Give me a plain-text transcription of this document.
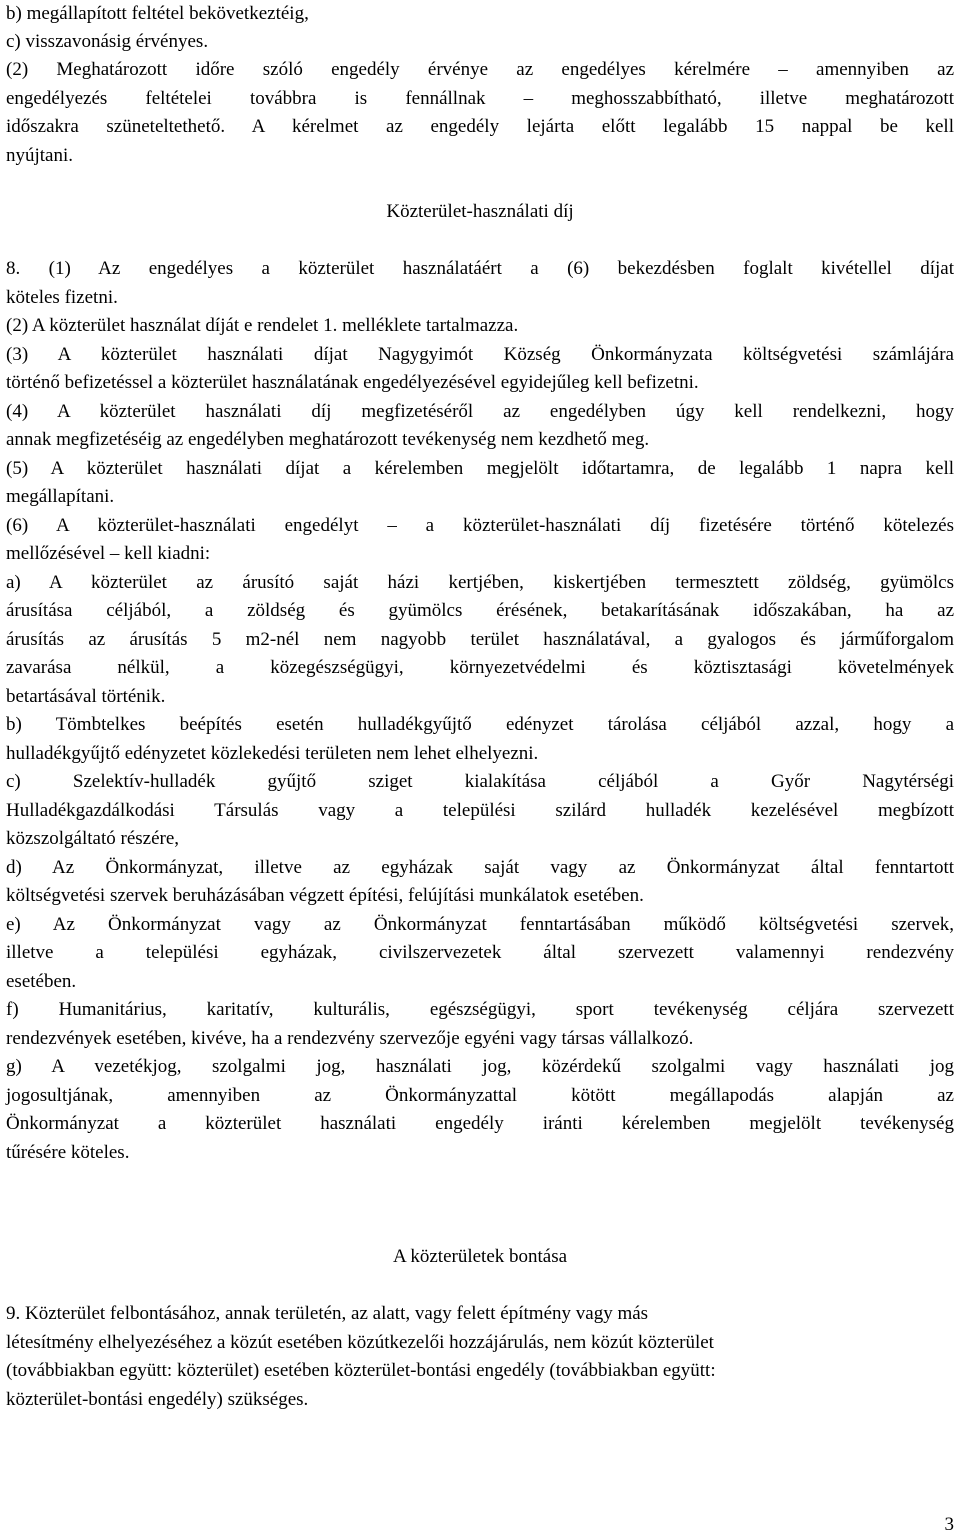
b) megállapított feltétel bekövetkeztéig,
c) visszavonásig érvényes.
(2) Meghatározott időre szóló engedély érvénye az engedélyes kérelmére – amennyiben az
engedélyezés feltételei továbbra is fennállnak – meghosszabbítható, illetve meghatározott
időszakra szüneteltethető. A kérelmet az engedély lejárta előtt legalább 15 nappal be kell
nyújtani.
Közterület-használati díj
8. (1) Az engedélyes a közterület használatáért a (6) bekezdésben foglalt kivétellel díjat
köteles fizetni.
(2) A közterület használat díját e rendelet 1. melléklete tartalmazza.
(3) A közterület használati díjat Nagygyimót Község Önkormányzata költségvetési számlájára
történő befizetéssel a közterület használatának engedélyezésével egyidejűleg kell befizetni.
(4) A közterület használati díj megfizetéséről az engedélyben úgy kell rendelkezni, hogy
annak megfizetéséig az engedélyben meghatározott tevékenység nem kezdhető meg.
(5) A közterület használati díjat a kérelemben megjelölt időtartamra, de legalább 1 napra kell
megállapítani.
(6) A közterület-használati engedélyt – a közterület-használati díj fizetésére történő kötelezés
mellőzésével – kell kiadni:
a) A közterület az árusító saját házi kertjében, kiskertjében termesztett zöldség, gyümölcs
árusítása céljából, a zöldség és gyümölcs érésének, betakarításának időszakában, ha az
árusítás az árusítás 5 m2-nél nem nagyobb terület használatával, a gyalogos és járműforgalom
zavarása nélkül, a közegészségügyi, környezetvédelmi és köztisztasági követelmények
betartásával történik.
b) Tömbtelkes beépítés esetén hulladékgyűjtő edényzet tárolása céljából azzal, hogy a
hulladékgyűjtő edényzetet közlekedési területen nem lehet elhelyezni.
c) Szelektív-hulladék gyűjtő sziget kialakítása céljából a Győr Nagytérségi
Hulladékgazdálkodási Társulás vagy a települési szilárd hulladék kezelésével megbízott
közszolgáltató részére,
d) Az Önkormányzat, illetve az egyházak saját vagy az Önkormányzat által fenntartott
költségvetési szervek beruházásában végzett építési, felújítási munkálatok esetében.
e) Az Önkormányzat vagy az Önkormányzat fenntartásában működő költségvetési szervek,
illetve a települési egyházak, civilszervezetek által szervezett valamennyi rendezvény
esetében.
f) Humanitárius, karitatív, kulturális, egészségügyi, sport tevékenység céljára szervezett
rendezvények esetében, kivéve, ha a rendezvény szervezője egyéni vagy társas vállalkozó.
g) A vezetékjog, szolgalmi jog, használati jog, közérdekű szolgalmi vagy használati jog
jogosultjának, amennyiben az Önkormányzattal kötött megállapodás alapján az
Önkormányzat a közterület használati engedély iránti kérelemben megjelölt tevékenység
tűrésére köteles.
A közterületek bontása
9. Közterület felbontásához, annak területén, az alatt, vagy felett építmény vagy más
létesítmény elhelyezéséhez a közút esetében közútkezelői hozzájárulás, nem közút közterület
(továbbiakban együtt: közterület) esetében közterület-bontási engedély (továbbiakban együtt:
közterület-bontási engedély) szükséges.
3
